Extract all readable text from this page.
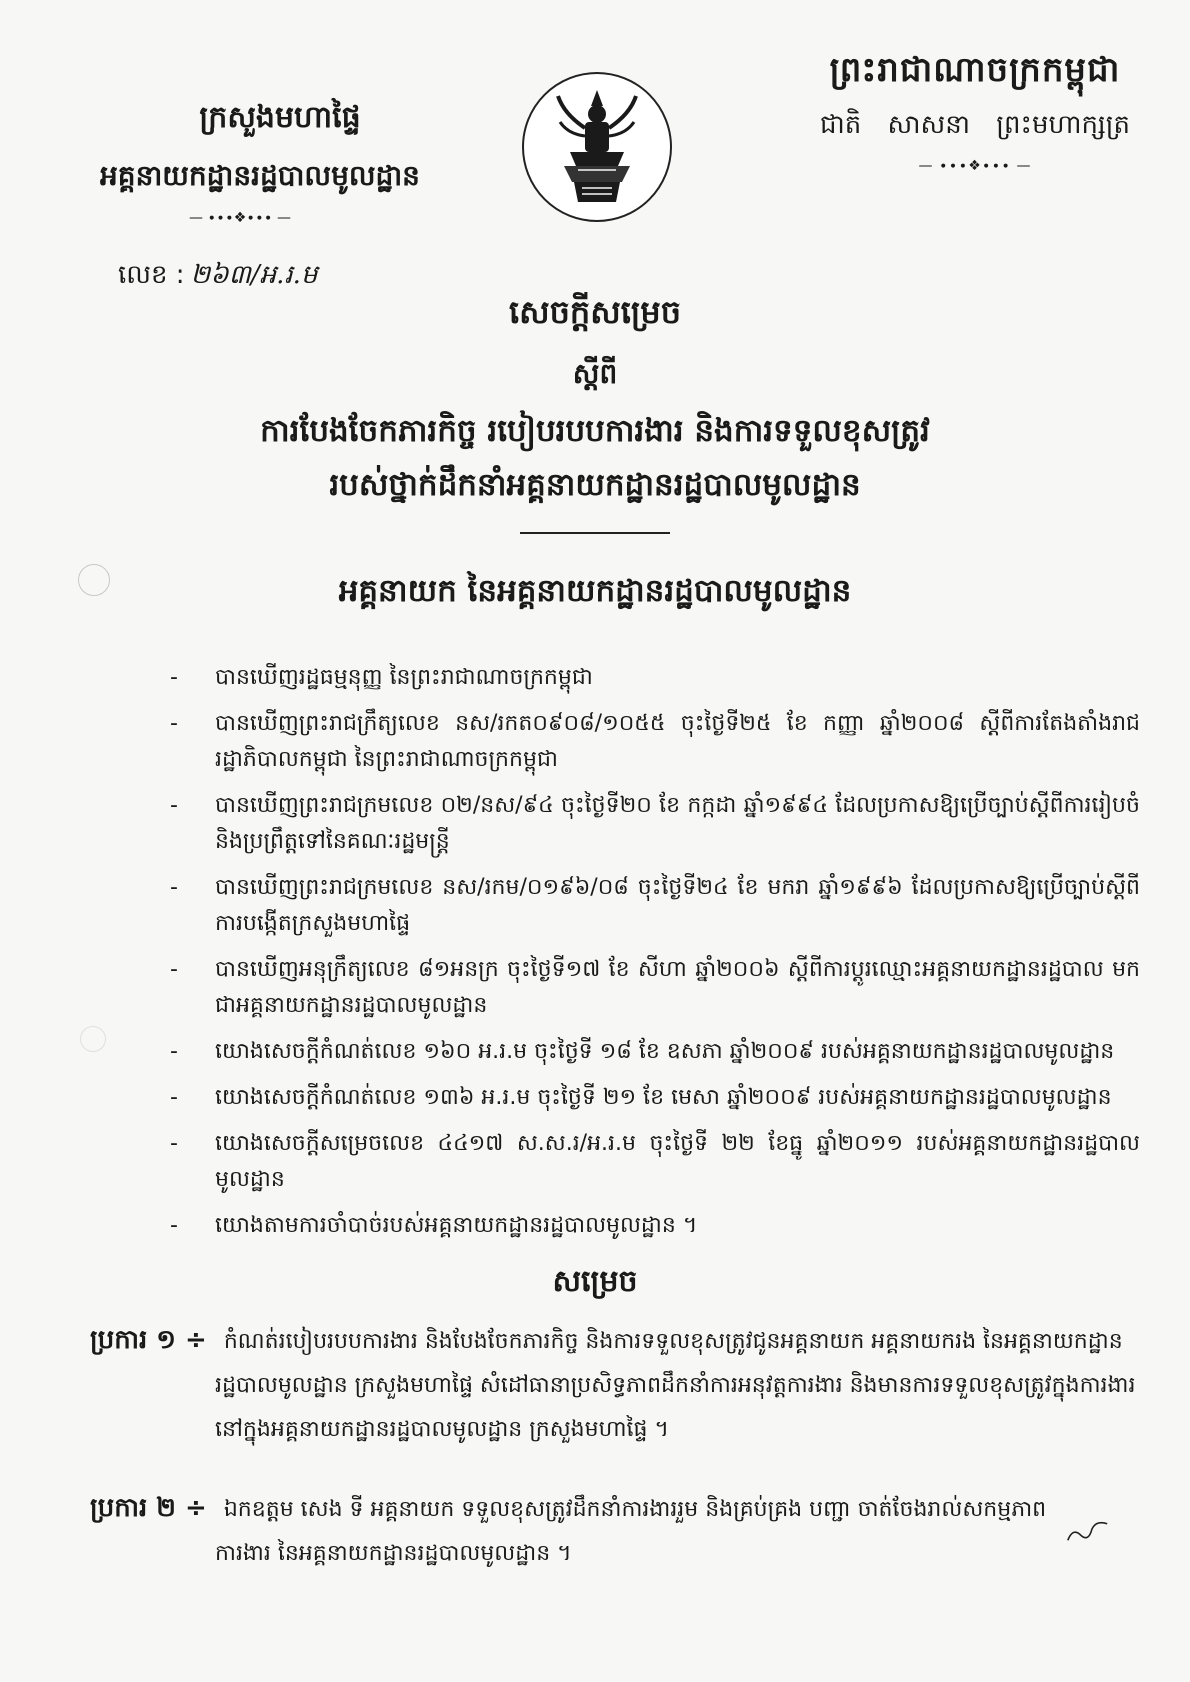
ព្រះរាជាណាចក្រកម្ពុជា
ជាតិ សាសនា ព្រះមហាក្សត្រ
— ∙∙∙❖∙∙∙ —
ក្រសួងមហាផ្ទៃ
អគ្គនាយកដ្ឋានរដ្ឋបាលមូលដ្ឋាន
— ∙∙∙❖∙∙∙ —
លេខ : ២៦៣/អ.រ.ម
សេចក្តីសម្រេច
ស្តីពី
ការបែងចែកភារកិច្ច របៀបរបបការងារ និងការទទួលខុសត្រូវ
របស់ថ្នាក់ដឹកនាំអគ្គនាយកដ្ឋានរដ្ឋបាលមូលដ្ឋាន
អគ្គនាយក នៃអគ្គនាយកដ្ឋានរដ្ឋបាលមូលដ្ឋាន
- បានឃើញរដ្ឋធម្មនុញ្ញ នៃព្រះរាជាណាចក្រកម្ពុជា
- បានឃើញព្រះរាជក្រឹត្យលេខ នស/រកត០៩០៨/១០៥៥ ចុះថ្ងៃទី២៥ ខែ កញ្ញា ឆ្នាំ២០០៨ ស្តីពីការតែងតាំងរាជរដ្ឋាភិបាលកម្ពុជា នៃព្រះរាជាណាចក្រកម្ពុជា
- បានឃើញព្រះរាជក្រមលេខ ០២/នស/៩៤ ចុះថ្ងៃទី២០ ខែ កក្កដា ឆ្នាំ១៩៩៤ ដែលប្រកាសឱ្យប្រើច្បាប់ស្តីពីការរៀបចំ និងប្រព្រឹត្តទៅនៃគណៈរដ្ឋមន្ត្រី
- បានឃើញព្រះរាជក្រមលេខ នស/រកម/០១៩៦/០៨ ចុះថ្ងៃទី២៤ ខែ មករា ឆ្នាំ១៩៩៦ ដែលប្រកាសឱ្យប្រើច្បាប់ស្តីពីការបង្កើតក្រសួងមហាផ្ទៃ
- បានឃើញអនុក្រឹត្យលេខ ៨១អនក្រ ចុះថ្ងៃទី១៧ ខែ សីហា ឆ្នាំ២០០៦ ស្តីពីការប្តូរឈ្មោះអគ្គនាយកដ្ឋានរដ្ឋបាល មកជាអគ្គនាយកដ្ឋានរដ្ឋបាលមូលដ្ឋាន
- យោងសេចក្តីកំណត់លេខ ១៦០ អ.រ.ម ចុះថ្ងៃទី ១៨ ខែ ឧសភា ឆ្នាំ២០០៩ របស់អគ្គនាយកដ្ឋានរដ្ឋបាលមូលដ្ឋាន
- យោងសេចក្តីកំណត់លេខ ១៣៦ អ.រ.ម ចុះថ្ងៃទី ២១ ខែ មេសា ឆ្នាំ២០០៩ របស់អគ្គនាយកដ្ឋានរដ្ឋបាលមូលដ្ឋាន
- យោងសេចក្តីសម្រេចលេខ ៤៤១៧ ស.ស.រ/អ.រ.ម ចុះថ្ងៃទី ២២ ខែធ្នូ ឆ្នាំ២០១១ របស់អគ្គនាយកដ្ឋានរដ្ឋបាលមូលដ្ឋាន
- យោងតាមការចាំបាច់របស់អគ្គនាយកដ្ឋានរដ្ឋបាលមូលដ្ឋាន ។
សម្រេច
ប្រការ ១ ÷ កំណត់របៀបរបបការងារ និងបែងចែកភារកិច្ច និងការទទួលខុសត្រូវជូនអគ្គនាយក អគ្គនាយករង នៃអគ្គនាយកដ្ឋាន
រដ្ឋបាលមូលដ្ឋាន ក្រសួងមហាផ្ទៃ សំដៅធានាប្រសិទ្ធភាពដឹកនាំការអនុវត្តការងារ និងមានការទទួលខុសត្រូវក្នុងការងារ នៅក្នុងអគ្គនាយកដ្ឋានរដ្ឋបាលមូលដ្ឋាន ក្រសួងមហាផ្ទៃ ។
ប្រការ ២ ÷ ឯកឧត្តម សេង ទី អគ្គនាយក ទទួលខុសត្រូវដឹកនាំការងាររួម និងគ្រប់គ្រង បញ្ជា ចាត់ចែងរាល់សកម្មភាព
ការងារ នៃអគ្គនាយកដ្ឋានរដ្ឋបាលមូលដ្ឋាន ។
